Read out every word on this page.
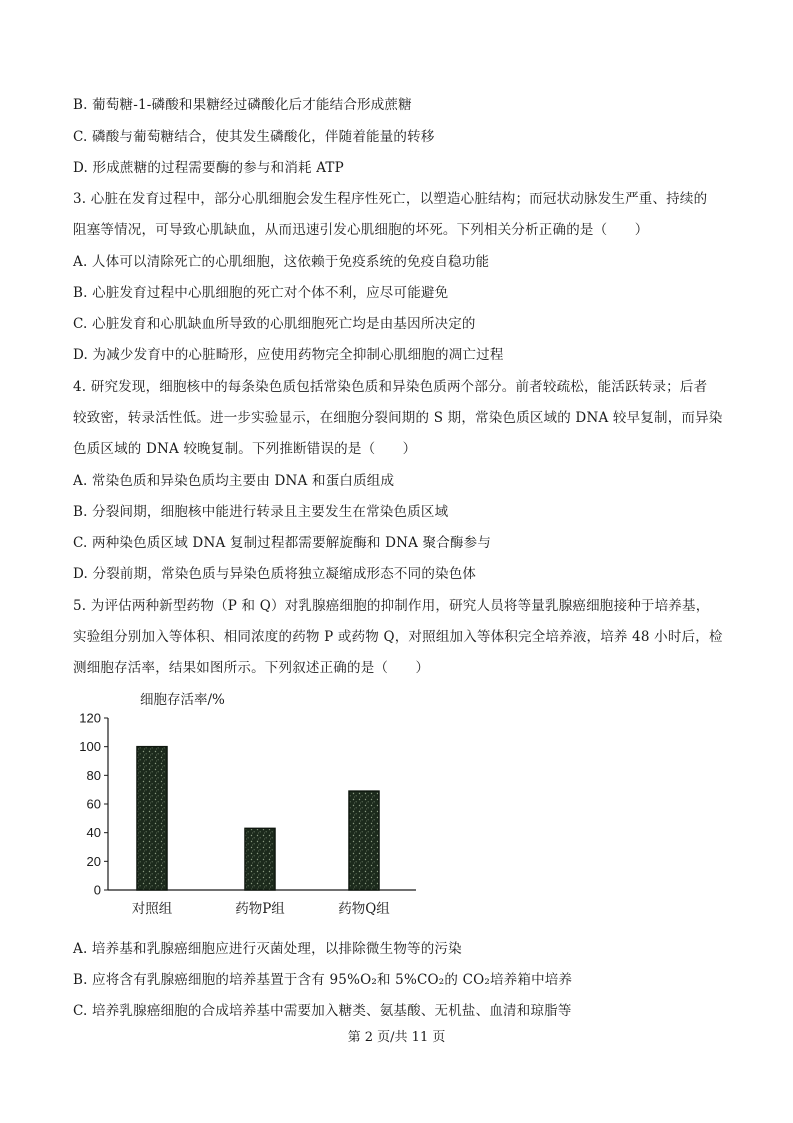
B. 葡萄糖-1-磷酸和果糖经过磷酸化后才能结合形成蔗糖
C. 磷酸与葡萄糖结合，使其发生磷酸化，伴随着能量的转移
D. 形成蔗糖的过程需要酶的参与和消耗 ATP
3. 心脏在发育过程中，部分心肌细胞会发生程序性死亡，以塑造心脏结构；而冠状动脉发生严重、持续的
阻塞等情况，可导致心肌缺血，从而迅速引发心肌细胞的坏死。下列相关分析正确的是（　　）
A. 人体可以清除死亡的心肌细胞，这依赖于免疫系统的免疫自稳功能
B. 心脏发育过程中心肌细胞的死亡对个体不利，应尽可能避免
C. 心脏发育和心肌缺血所导致的心肌细胞死亡均是由基因所决定的
D. 为减少发育中的心脏畸形，应使用药物完全抑制心肌细胞的凋亡过程
4. 研究发现，细胞核中的每条染色质包括常染色质和异染色质两个部分。前者较疏松，能活跃转录；后者
较致密，转录活性低。进一步实验显示，在细胞分裂间期的 S 期，常染色质区域的 DNA 较早复制，而异染
色质区域的 DNA 较晚复制。下列推断错误的是（　　）
A. 常染色质和异染色质均主要由 DNA 和蛋白质组成
B. 分裂间期，细胞核中能进行转录且主要发生在常染色质区域
C. 两种染色质区域 DNA 复制过程都需要解旋酶和 DNA 聚合酶参与
D. 分裂前期，常染色质与异染色质将独立凝缩成形态不同的染色体
5. 为评估两种新型药物（P 和 Q）对乳腺癌细胞的抑制作用，研究人员将等量乳腺癌细胞接种于培养基，
实验组分别加入等体积、相同浓度的药物 P 或药物 Q，对照组加入等体积完全培养液，培养 48 小时后，检
测细胞存活率，结果如图所示。下列叙述正确的是（　　）
细胞存活率/%
0
20
40
60
80
100
120
对照组	药物P组	药物Q组
A. 培养基和乳腺癌细胞应进行灭菌处理，以排除微生物等的污染
B. 应将含有乳腺癌细胞的培养基置于含有 95%O₂和 5%CO₂的 CO₂培养箱中培养
C. 培养乳腺癌细胞的合成培养基中需要加入糖类、氨基酸、无机盐、血清和琼脂等
第 2 页/共 11 页
